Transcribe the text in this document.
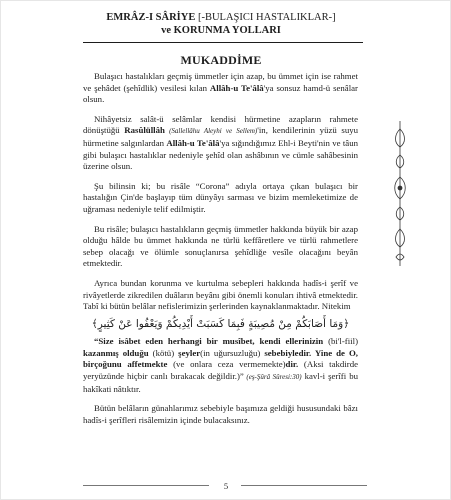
EMRÂZ-I SÂRİYE [-BULAŞICI HASTALIKLAR-]
ve KORUNMA YOLLARI
MUKADDİME

Bulaşıcı hastalıkları geçmiş ümmetler için azap, bu ümmet için ise rahmet ve şehâdet (şehîdlik) vesilesi kılan Allâh-u Te'âlâ'ya sonsuz hamd-ü senâlar olsun.

Nihâyetsiz salât-ü selâmlar kendisi hürmetine azapların rahmete dönüştüğü Rasûlüllâh (Sallellâhu Aleyhi ve Sellem)'in, kendilerinin yüzü suyu hürmetine salgınlardan Allâh-u Te'âlâ'ya sığındığımız Ehl-i Beyti'nin ve tâun gibi bulaşıcı hastalıklar nedeniyle şehîd olan ashâbının ve cümle sahâbesinin üzerine olsun.

Şu bilinsin ki; bu risâle “Corona” adıyla ortaya çıkan bulaşıcı bir hastalığın Çin'de başlayıp tüm dünyâyı sarması ve bizim memleketimize de uğraması nedeniyle telif edilmiştir.

Bu risâle; bulaşıcı hastalıkların geçmiş ümmetler hakkında büyük bir azap olduğu hâlde bu ümmet hakkında ne türlü keffâretlere ve türlü rahmetlere sebep olacağı ve ölümle sonuçlanırsa şehîdliğe vesîle olacağını beyân etmektedir.

Ayrıca bundan korunma ve kurtulma sebepleri hakkında hadîs-i şerîf ve rivâyetlerde zikredilen duâların beyânı gibi önemli konuları ihtivâ etmektedir. Tabî ki bütün belâlar nefislerimizin şerlerinden kaynaklanmaktadır. Nitekim

﴿وَمَا أَصَابَكُمْ مِنْ مُصِيبَةٍ فَبِمَا كَسَبَتْ أَيْدِيكُمْ وَيَعْفُوا عَنْ كَثِيرٍ﴾

“Size isâbet eden herhangi bir musîbet, kendi ellerinizin (bi'l-fiil) kazanmış olduğu (kötü) şeyler(in uğursuzluğu) sebebiyledir. Yine de O, birçoğunu affetmekte (ve onlara ceza vermemekte)dir. (Aksi takdirde yeryüzünde hiçbir canlı bırakacak değildir.)” (eş-Şûrâ Sûresi:30) kavl-i şerîfi bu hakîkati nâtıktır.

Bütün belâların günahlarımız sebebiyle başımıza geldiği hususundaki bâzı hadîs-i şerîfleri risâlemizin içinde bulacaksınız.

5
